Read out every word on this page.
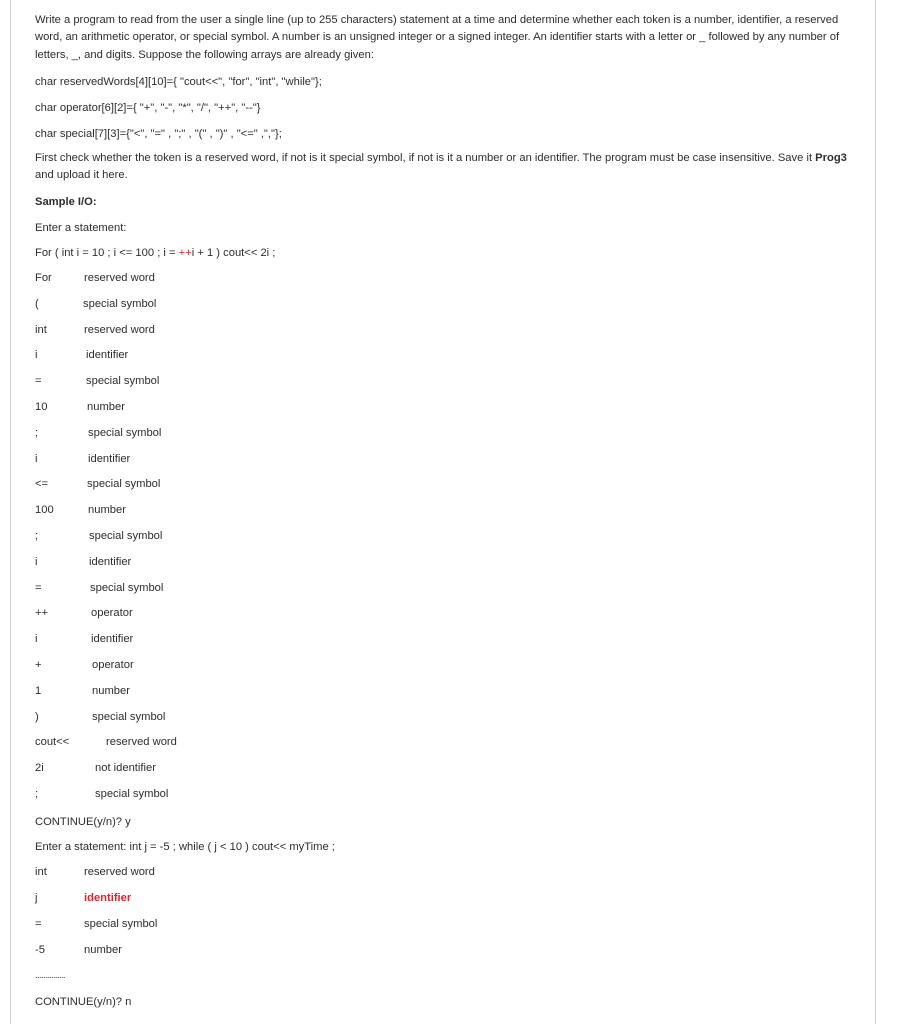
Write a program to read from the user a single line (up to 255 characters) statement at a time and determine whether each token is a number, identifier, a reserved word, an arithmetic operator, or special symbol. A number is an unsigned integer or a signed integer. An identifier starts with a letter or _ followed by any number of letters, _, and digits. Suppose the following arrays are already given:
char reservedWords[4][10]={ "cout<<", "for", "int", "while"};
char operator[6][2]={ "+", "-", "*", "/", "++", "--"}
char special[7][3]={"<", "=" , ";" , "(" , ")" , "<=" ,","};
First check whether the token is a reserved word, if not is it special symbol, if not is it a number or an identifier. The program must be case insensitive. Save it Prog3
and upload it here.
Sample I/O:
Enter a statement:
For ( int i = 10 ; i <= 100 ; i = ++i + 1 ) cout<< 2i ;
For	reserved word
(	special symbol
int	reserved word
i	identifier
=	special symbol
10	number
;	special symbol
i	identifier
<=	special symbol
100	number
;	special symbol
i	identifier
=	special symbol
++	operator
i	identifier
+	operator
1	number
)	special symbol
cout<<	reserved word
2i	not identifier
;	special symbol
CONTINUE(y/n)? y
Enter a statement: int j = -5 ; while ( j < 10 ) cout<< myTime ;
int	reserved word
j	identifier
=	special symbol
-5	number
...............
CONTINUE(y/n)? n
